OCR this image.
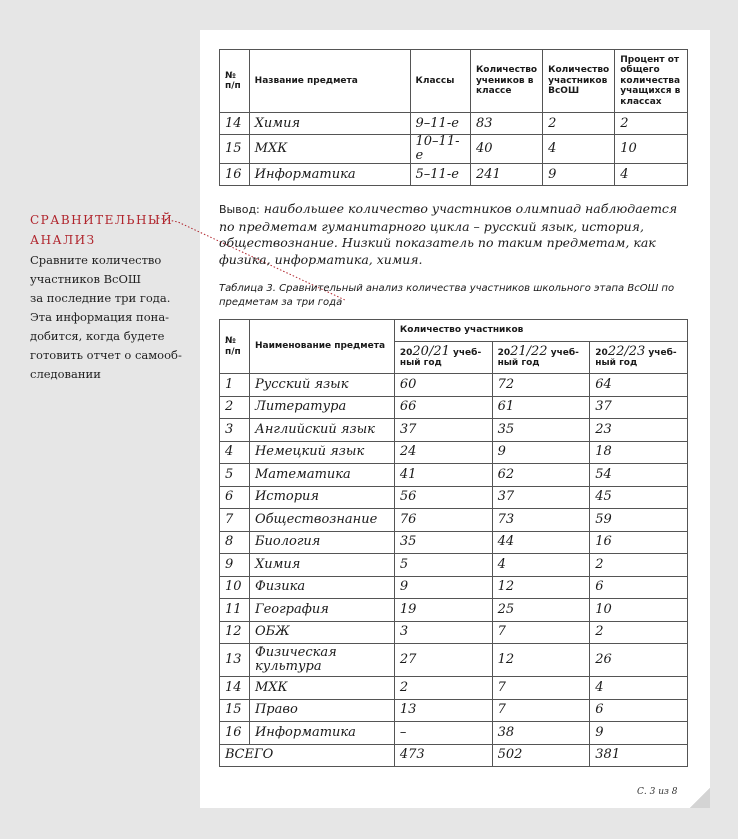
СРАВНИТЕЛЬНЫЙ
АНАЛИЗ
Сравните количество
участников ВсОШ
за последние три года.
Эта информация пона-
добится, когда будете
готовить отчет о самооб-
следовании
№ п/п	Название предмета	Классы	Количество учеников в классе	Количество участников ВсОШ	Процент от общего количества учащихся в классах
14	Химия	9–11-е	83	2	2
15	МХК	10–11-е	40	4	10
16	Информатика	5–11-е	241	9	4
Вывод: наибольшее количество участников олимпиад наблюдается по предметам гуманитарного цикла – русский язык, история, обществознание. Низкий показатель по таким предметам, как физика, информатика, химия.
Таблица 3. Сравнительный анализ количества участников школьного этапа ВсОШ по предметам за три года
№ п/п	Наименование предмета	Количество участников		
		2020/21 учеб-ный год	2021/22 учеб-ный год	2022/23 учеб-ный год
1	Русский язык	60	72	64
2	Литература	66	61	37
3	Английский язык	37	35	23
4	Немецкий язык	24	9	18
5	Математика	41	62	54
6	История	56	37	45
7	Обществознание	76	73	59
8	Биология	35	44	16
9	Химия	5	4	2
10	Физика	9	12	6
11	География	19	25	10
12	ОБЖ	3	7	2
13	Физическая культура	27	12	26
14	МХК	2	7	4
15	Право	13	7	6
16	Информатика	–	38	9
ВСЕГО		473	502	381
С. 3 из 8
